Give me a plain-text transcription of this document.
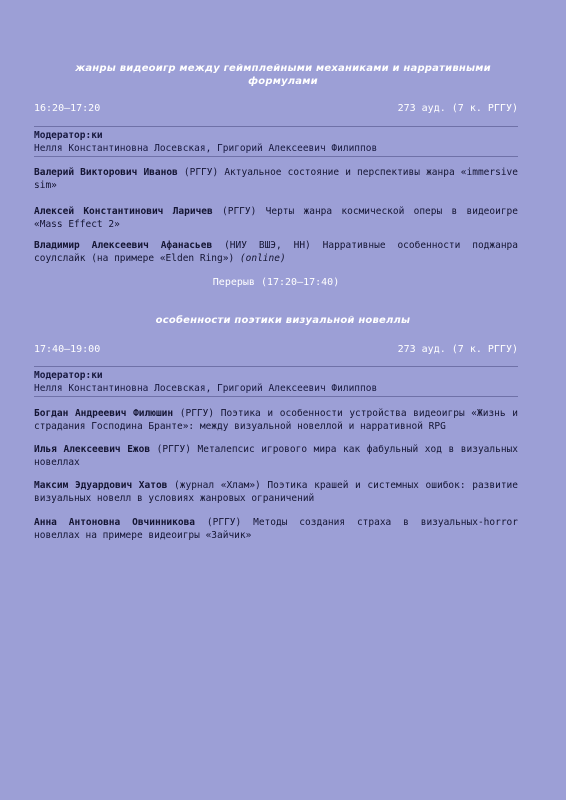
жанры видеоигр между геймплейными механиками и нарративными формулами
16:20–17:20	273 ауд. (7 к. РГГУ)
Модератор:ки
Нелля Константиновна Лосевская, Григорий Алексеевич Филиппов
Валерий Викторович Иванов (РГГУ) Актуальное состояние и перспективы жанра «immersive sim»
Алексей Константинович Ларичев (РГГУ) Черты жанра космической оперы в видеоигре «Mass Effect 2»
Владимир Алексеевич Афанасьев (НИУ ВШЭ, НН) Нарративные особенности поджанра соулслайк (на примере «Elden Ring») (online)
Перерыв (17:20–17:40)
особенности поэтики визуальной новеллы
17:40–19:00	273 ауд. (7 к. РГГУ)
Модератор:ки
Нелля Константиновна Лосевская, Григорий Алексеевич Филиппов
Богдан Андреевич Филюшин (РГГУ) Поэтика и особенности устройства видеоигры «Жизнь и страдания Господина Бранте»: между визуальной новеллой и нарративной RPG
Илья Алексеевич Ежов (РГГУ) Металепсис игрового мира как фабульный ход в визуальных новеллах
Максим Эдуардович Хатов (журнал «Хлам») Поэтика крашей и системных ошибок: развитие визуальных новелл в условиях жанровых ограничений
Анна Антоновна Овчинникова (РГГУ) Методы создания страха в визуальных-horror новеллах на примере видеоигры «Зайчик»
